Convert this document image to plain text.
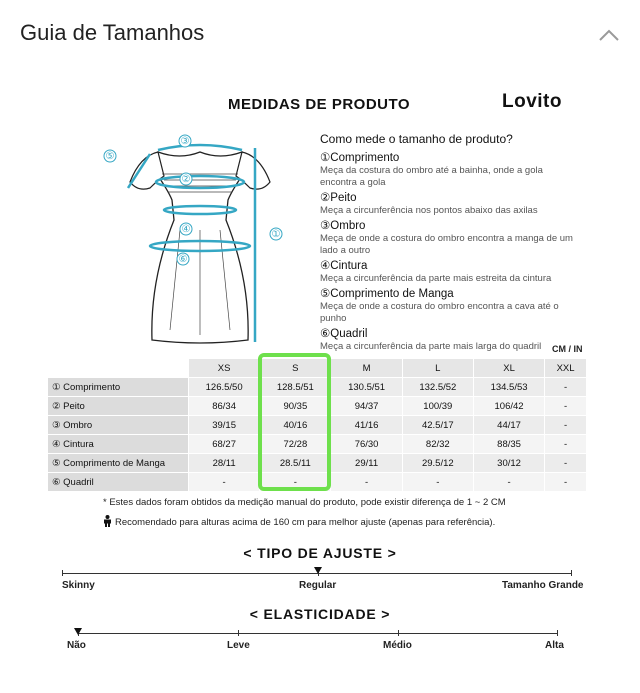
Guia de Tamanhos
MEDIDAS DE PRODUTO	Lovito
③
⑤
②
④
⑥
①
Como mede o tamanho de produto?
①Comprimento
Meça da costura do ombro até a bainha, onde a gola encontra a gola
②Peito
Meça a circunferência nos pontos abaixo das axilas
③Ombro
Meça de onde a costura do ombro encontra a manga de um lado a outro
④Cintura
Meça a circunferência da parte mais estreita da cintura
⑤Comprimento de Manga
Meça de onde a costura do ombro encontra a cava até o punho
⑥Quadril
Meça a circunferência da parte mais larga do quadril	CM / IN
	XS	S	M	L	XL	XXL
① Comprimento	126.5/50	128.5/51	130.5/51	132.5/52	134.5/53	-
② Peito	86/34	90/35	94/37	100/39	106/42	-
③ Ombro	39/15	40/16	41/16	42.5/17	44/17	-
④ Cintura	68/27	72/28	76/30	82/32	88/35	-
⑤ Comprimento de Manga	28/11	28.5/11	29/11	29.5/12	30/12	-
⑥ Quadril	-	-	-	-	-	-
* Estes dados foram obtidos da medição manual do produto, pode existir diferença de 1 ~ 2 CM
Recomendado para alturas acima de 160 cm para melhor ajuste (apenas para referência).
< TIPO DE AJUSTE >
Skinny	Regular	Tamanho Grande
< ELASTICIDADE >
Não	Leve	Médio	Alta
